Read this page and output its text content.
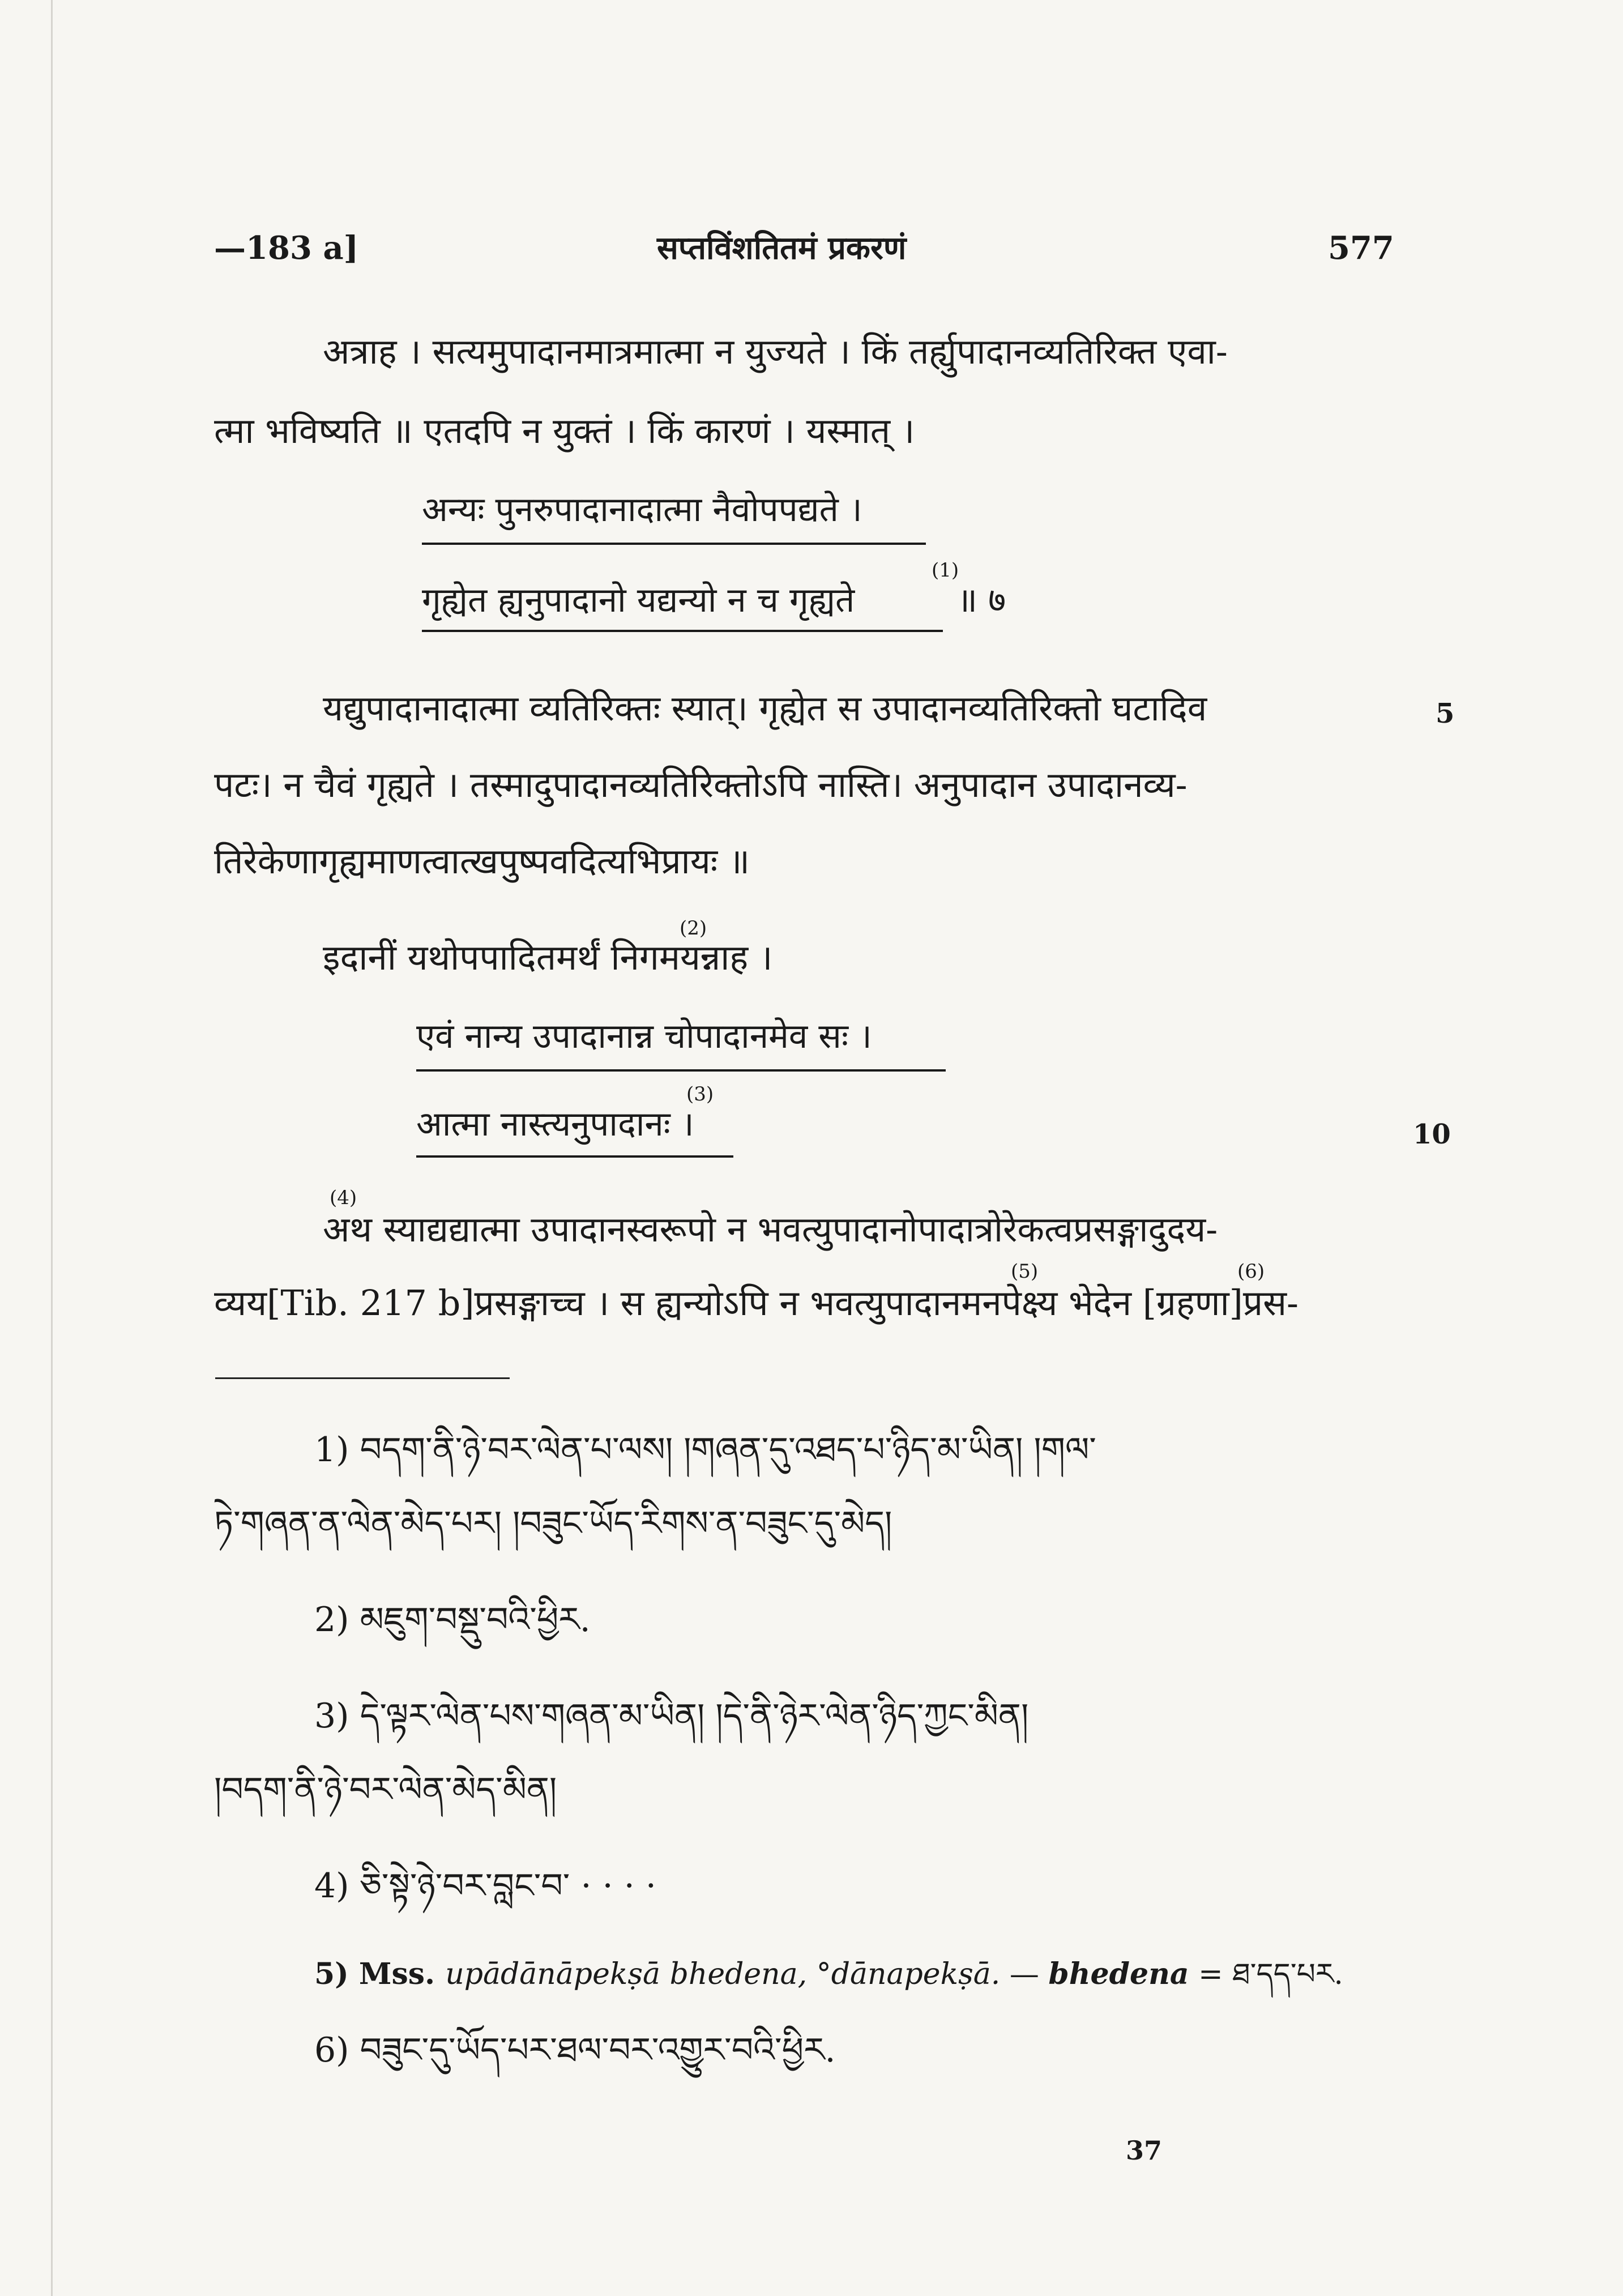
—183 a]	सप्तविंशतितमं प्रकरणं	577
अत्राह । सत्यमुपादानमात्रमात्मा न युज्यते । किं तर्ह्युपादानव्यतिरिक्त एवा-
त्मा भविष्यति ॥ एतदपि न युक्तं । किं कारणं । यस्मात् ।
अन्यः पुनरुपादानादात्मा नैवोपपद्यते ।
गृह्येत ह्यनुपादानो यद्यन्यो न च गृह्यते
(1)
॥ ७
यद्युपादानादात्मा व्यतिरिक्तः स्यात्। गृह्येत स उपादानव्यतिरिक्तो घटादिव	5
पटः। न चैवं गृह्यते । तस्मादुपादानव्यतिरिक्तोऽपि नास्ति। अनुपादान उपादानव्य-
तिरेकेणागृह्यमाणत्वात्खपुष्पवदित्यभिप्रायः ॥
इदानीं यथोपपादितमर्थं निगमयन्नाह ।
(2)
एवं नान्य उपादानान्न चोपादानमेव सः ।
आत्मा नास्त्यनुपादानः ।
(3)
10
अथ स्याद्यद्यात्मा उपादानस्वरूपो न भवत्युपादानोपादात्रोरेकत्वप्रसङ्गादुदय-
(4)
व्यय[Tib. 217 b]प्रसङ्गाच्च । स ह्यन्योऽपि न भवत्युपादानमनपेक्ष्य भेदेन [ग्रहणा]प्रस-
(5)	(6)
1) བདག་ནི་ཉེ་བར་ལེན་པ་ལས། །གཞན་དུ་འཐད་པ་ཉིད་མ་ཡིན། །གལ་
ཏེ་གཞན་ན་ལེན་མེད་པར། །བཟུང་ཡོད་རིགས་ན་བཟུང་དུ་མེད།
2) མཇུག་བསྡུ་བའི་ཕྱིར.
3) དེ་ལྟར་ལེན་པས་གཞན་མ་ཡིན། །དེ་ནི་ཉེར་ལེན་ཉིད་ཀྱང་མིན།
།བདག་ནི་ཉེ་བར་ལེན་མེད་མིན།
4) ཅི་སྟེ་ཉེ་བར་བླང་བ་ · · · ·
5) Mss. upādānāpekṣā bhedena, °dānapekṣā. — bhedena = ཐ་དད་པར.
6) བཟུང་དུ་ཡོད་པར་ཐལ་བར་འགྱུར་བའི་ཕྱིར.
37
